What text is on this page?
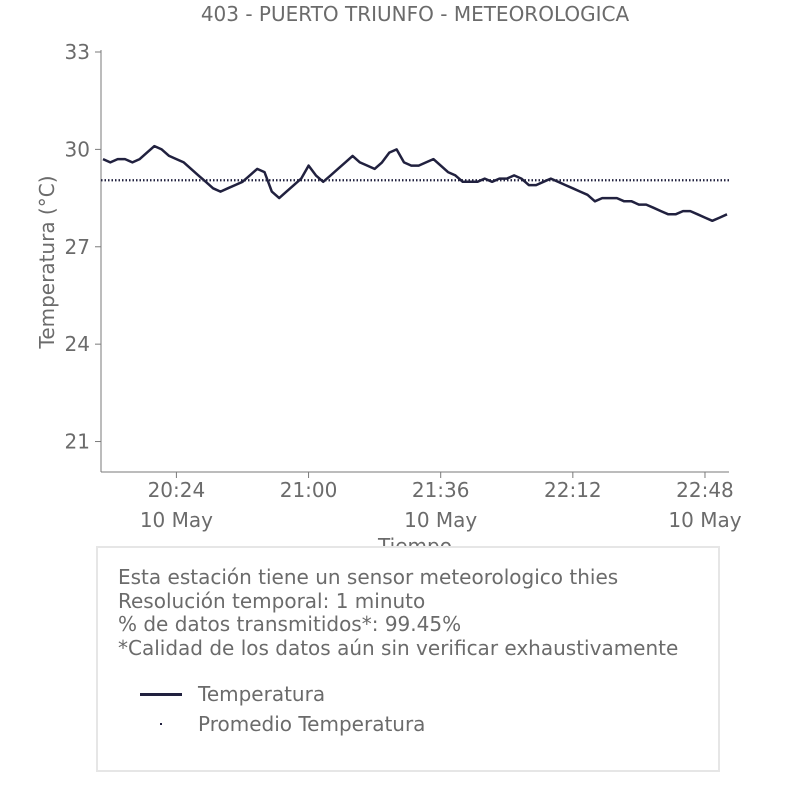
403 - PUERTO TRIUNFO - METEOROLOGICA
21
24
27
30
33
20:24
10 May
21:00	21:36
10 May
22:12	22:48
10 May
Temperatura (°C)
Esta estación tiene un sensor meteorologico thies
Resolución temporal: 1 minuto
% de datos transmitidos*: 99.45%
*Calidad de los datos aún sin verificar exhaustivamente
Temperatura
Promedio Temperatura
